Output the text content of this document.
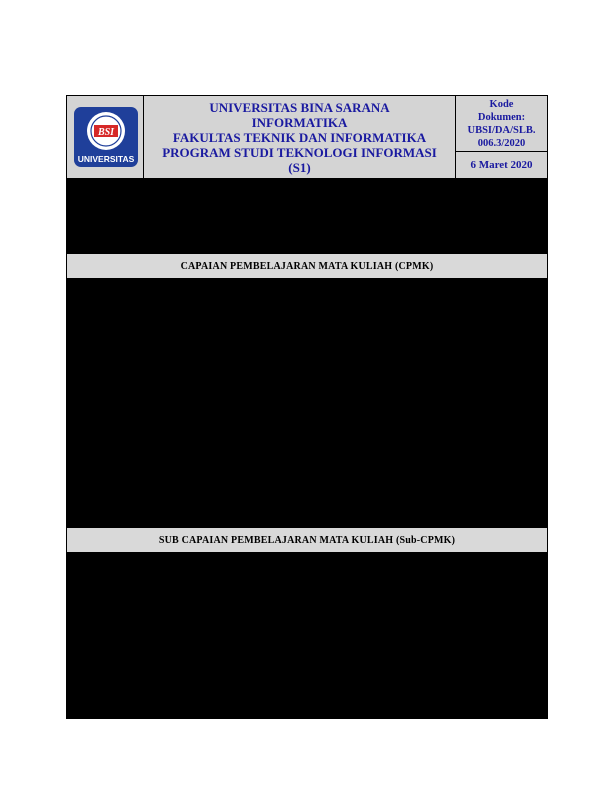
BSI
UNIVERSITAS
UNIVERSITAS BINA SARANA
INFORMATIKA
FAKULTAS TEKNIK DAN INFORMATIKA
PROGRAM STUDI TEKNOLOGI INFORMASI
(S1)
Kode
Dokumen:
UBSI/DA/SLB.
006.3/2020
6 Maret 2020
CAPAIAN PEMBELAJARAN MATA KULIAH (CPMK)
SUB CAPAIAN PEMBELAJARAN MATA KULIAH (Sub-CPMK)
